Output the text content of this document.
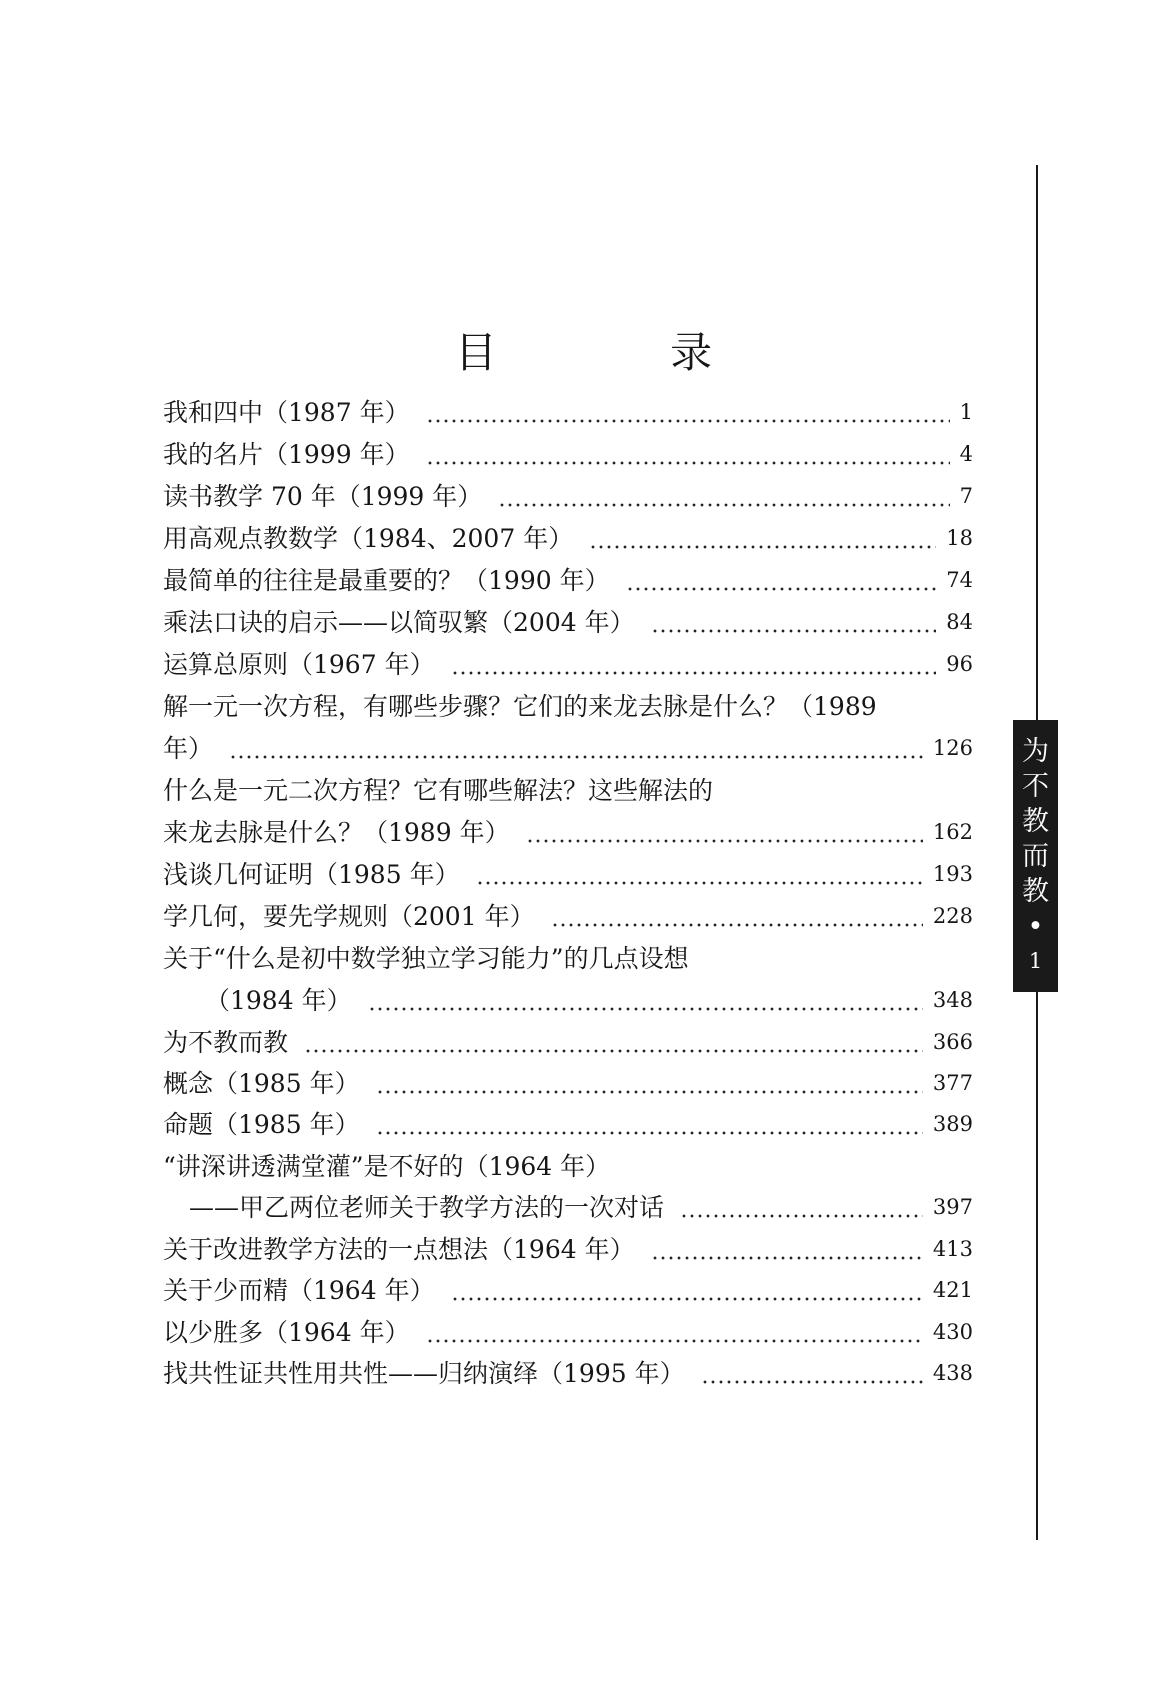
目 录
我和四中（1987 年）	1
我的名片（1999 年）	4
读书教学 70 年（1999 年）	7
用高观点教数学（1984、2007 年）	18
最简单的往往是最重要的？（1990 年）	74
乘法口诀的启示——以简驭繁（2004 年）	84
运算总原则（1967 年）	96
解一元一次方程，有哪些步骤？它们的来龙去脉是什么？（1989
年）	126
什么是一元二次方程？它有哪些解法？这些解法的
来龙去脉是什么？（1989 年）	162
浅谈几何证明（1985 年）	193
学几何，要先学规则（2001 年）	228
关于“什么是初中数学独立学习能力”的几点设想
（1984 年）	348
为不教而教	366
概念（1985 年）	377
命题（1985 年）	389
“讲深讲透满堂灌”是不好的（1964 年）
——甲乙两位老师关于教学方法的一次对话	397
关于改进教学方法的一点想法（1964 年）	413
关于少而精（1964 年）	421
以少胜多（1964 年）	430
找共性证共性用共性——归纳演绎（1995 年）	438
为
不
教
而
教
•
1
